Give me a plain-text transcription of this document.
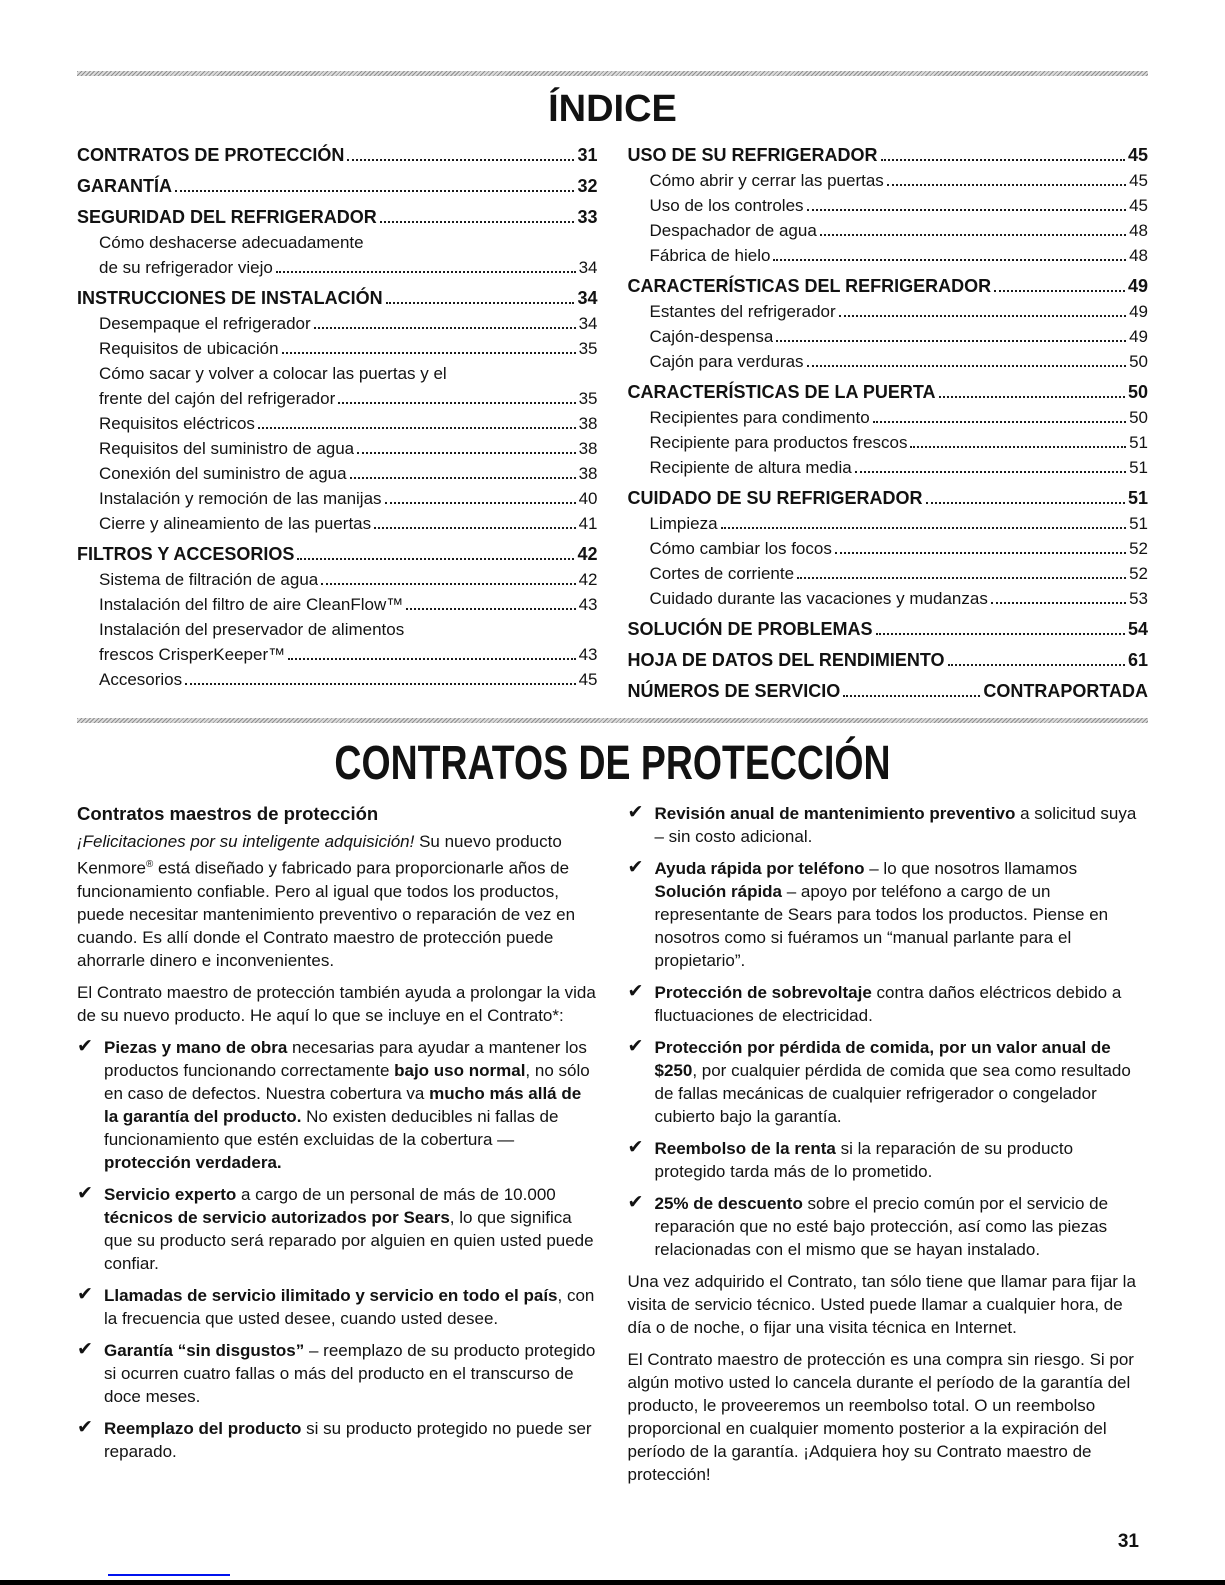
ÍNDICE
CONTRATOS DE PROTECCIÓN	31
GARANTÍA	32
SEGURIDAD DEL REFRIGERADOR	33
Cómo deshacerse adecuadamente
de su refrigerador viejo	34
INSTRUCCIONES DE INSTALACIÓN	34
Desempaque el refrigerador	34
Requisitos de ubicación	35
Cómo sacar y volver a colocar las puertas y el
frente del cajón del refrigerador	35
Requisitos eléctricos	38
Requisitos del suministro de agua	38
Conexión del suministro de agua	38
Instalación y remoción de las manijas	40
Cierre y alineamiento de las puertas	41
FILTROS Y ACCESORIOS	42
Sistema de filtración de agua	42
Instalación del filtro de aire CleanFlow™	43
Instalación del preservador de alimentos
frescos CrisperKeeper™	43
Accesorios	45
USO DE SU REFRIGERADOR	45
Cómo abrir y cerrar las puertas	45
Uso de los controles	45
Despachador de agua	48
Fábrica de hielo	48
CARACTERÍSTICAS DEL REFRIGERADOR	49
Estantes del refrigerador	49
Cajón-despensa	49
Cajón para verduras	50
CARACTERÍSTICAS DE LA PUERTA	50
Recipientes para condimento	50
Recipiente para productos frescos	51
Recipiente de altura media	51
CUIDADO DE SU REFRIGERADOR	51
Limpieza	51
Cómo cambiar los focos	52
Cortes de corriente	52
Cuidado durante las vacaciones y mudanzas	53
SOLUCIÓN DE PROBLEMAS	54
HOJA DE DATOS DEL RENDIMIENTO	61
NÚMEROS DE SERVICIO	CONTRAPORTADA
CONTRATOS DE PROTECCIÓN
Contratos maestros de protección
¡Felicitaciones por su inteligente adquisición! Su nuevo producto Kenmore® está diseñado y fabricado para proporcionarle años de funcionamiento confiable. Pero al igual que todos los productos, puede necesitar mantenimiento preventivo o reparación de vez en cuando. Es allí donde el Contrato maestro de protección puede ahorrarle dinero e inconvenientes.
El Contrato maestro de protección también ayuda a prolongar la vida de su nuevo producto. He aquí lo que se incluye en el Contrato*:
✔ Piezas y mano de obra necesarias para ayudar a mantener los productos funcionando correctamente bajo uso normal, no sólo en caso de defectos. Nuestra cobertura va mucho más allá de la garantía del producto. No existen deducibles ni fallas de funcionamiento que estén excluidas de la cobertura — protección verdadera.
✔ Servicio experto a cargo de un personal de más de 10.000 técnicos de servicio autorizados por Sears, lo que significa que su producto será reparado por alguien en quien usted puede confiar.
✔ Llamadas de servicio ilimitado y servicio en todo el país, con la frecuencia que usted desee, cuando usted desee.
✔ Garantía “sin disgustos” – reemplazo de su producto protegido si ocurren cuatro fallas o más del producto en el transcurso de doce meses.
✔ Reemplazo del producto si su producto protegido no puede ser reparado.
✔ Revisión anual de mantenimiento preventivo a solicitud suya – sin costo adicional.
✔ Ayuda rápida por teléfono – lo que nosotros llamamos Solución rápida – apoyo por teléfono a cargo de un representante de Sears para todos los productos. Piense en nosotros como si fuéramos un “manual parlante para el propietario”.
✔ Protección de sobrevoltaje contra daños eléctricos debido a fluctuaciones de electricidad.
✔ Protección por pérdida de comida, por un valor anual de $250, por cualquier pérdida de comida que sea como resultado de fallas mecánicas de cualquier refrigerador o congelador cubierto bajo la garantía.
✔ Reembolso de la renta si la reparación de su producto protegido tarda más de lo prometido.
✔ 25% de descuento sobre el precio común por el servicio de reparación que no esté bajo protección, así como las piezas relacionadas con el mismo que se hayan instalado.
Una vez adquirido el Contrato, tan sólo tiene que llamar para fijar la visita de servicio técnico. Usted puede llamar a cualquier hora, de día o de noche, o fijar una visita técnica en Internet.
El Contrato maestro de protección es una compra sin riesgo. Si por algún motivo usted lo cancela durante el período de la garantía del producto, le proveeremos un reembolso total. O un reembolso proporcional en cualquier momento posterior a la expiración del período de la garantía. ¡Adquiera hoy su Contrato maestro de protección!
31
